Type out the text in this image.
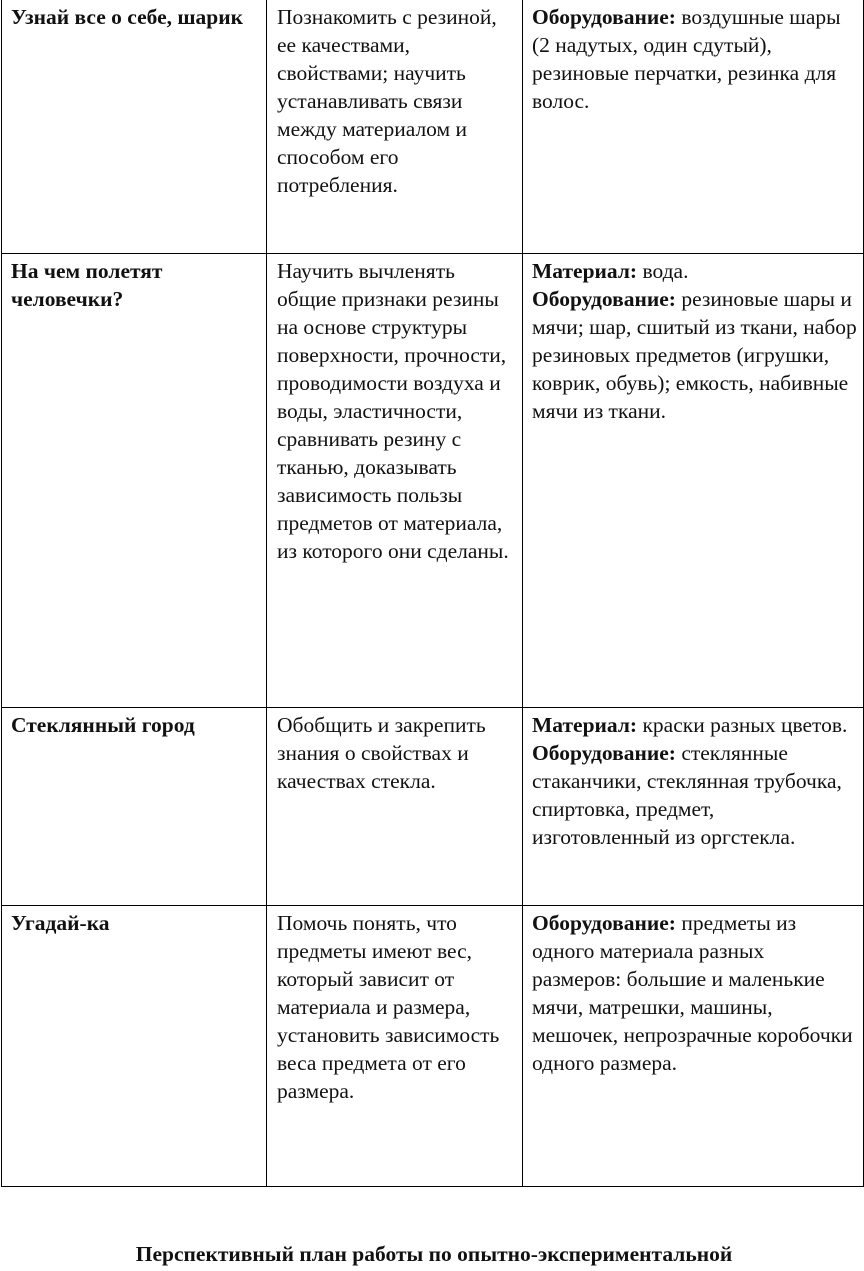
Узнай все о себе, шарик	Познакомить с резиной, ее качествами, свойствами; научить устанавливать связи между материалом и способом его потребления.	Оборудование: воздушные шары (2 надутых, один сдутый), резиновые перчатки, резинка для волос.

На чем полетят человечки?	Научить вычленять общие признаки резины на основе структуры поверхности, прочности, проводимости воздуха и воды, эластичности, сравнивать резину с тканью, доказывать зависимость пользы предметов от материала, из которого они сделаны.	Материал: вода.
Оборудование: резиновые шары и мячи; шар, сшитый из ткани, набор резиновых предметов (игрушки, коврик, обувь); емкость, набивные мячи из ткани.

Стеклянный город	Обобщить и закрепить знания о свойствах и качествах стекла.	Материал: краски разных цветов.
Оборудование: стеклянные стаканчики, стеклянная трубочка, спиртовка, предмет, изготовленный из оргстекла.

Угадай-ка	Помочь понять, что предметы имеют вес, который зависит от материала и размера, установить зависимость веса предмета от его размера.	Оборудование: предметы из одного материала разных размеров: большие и маленькие мячи, матрешки, машины, мешочек, непрозрачные коробочки одного размера.
Перспективный план работы по опытно-экспериментальной
